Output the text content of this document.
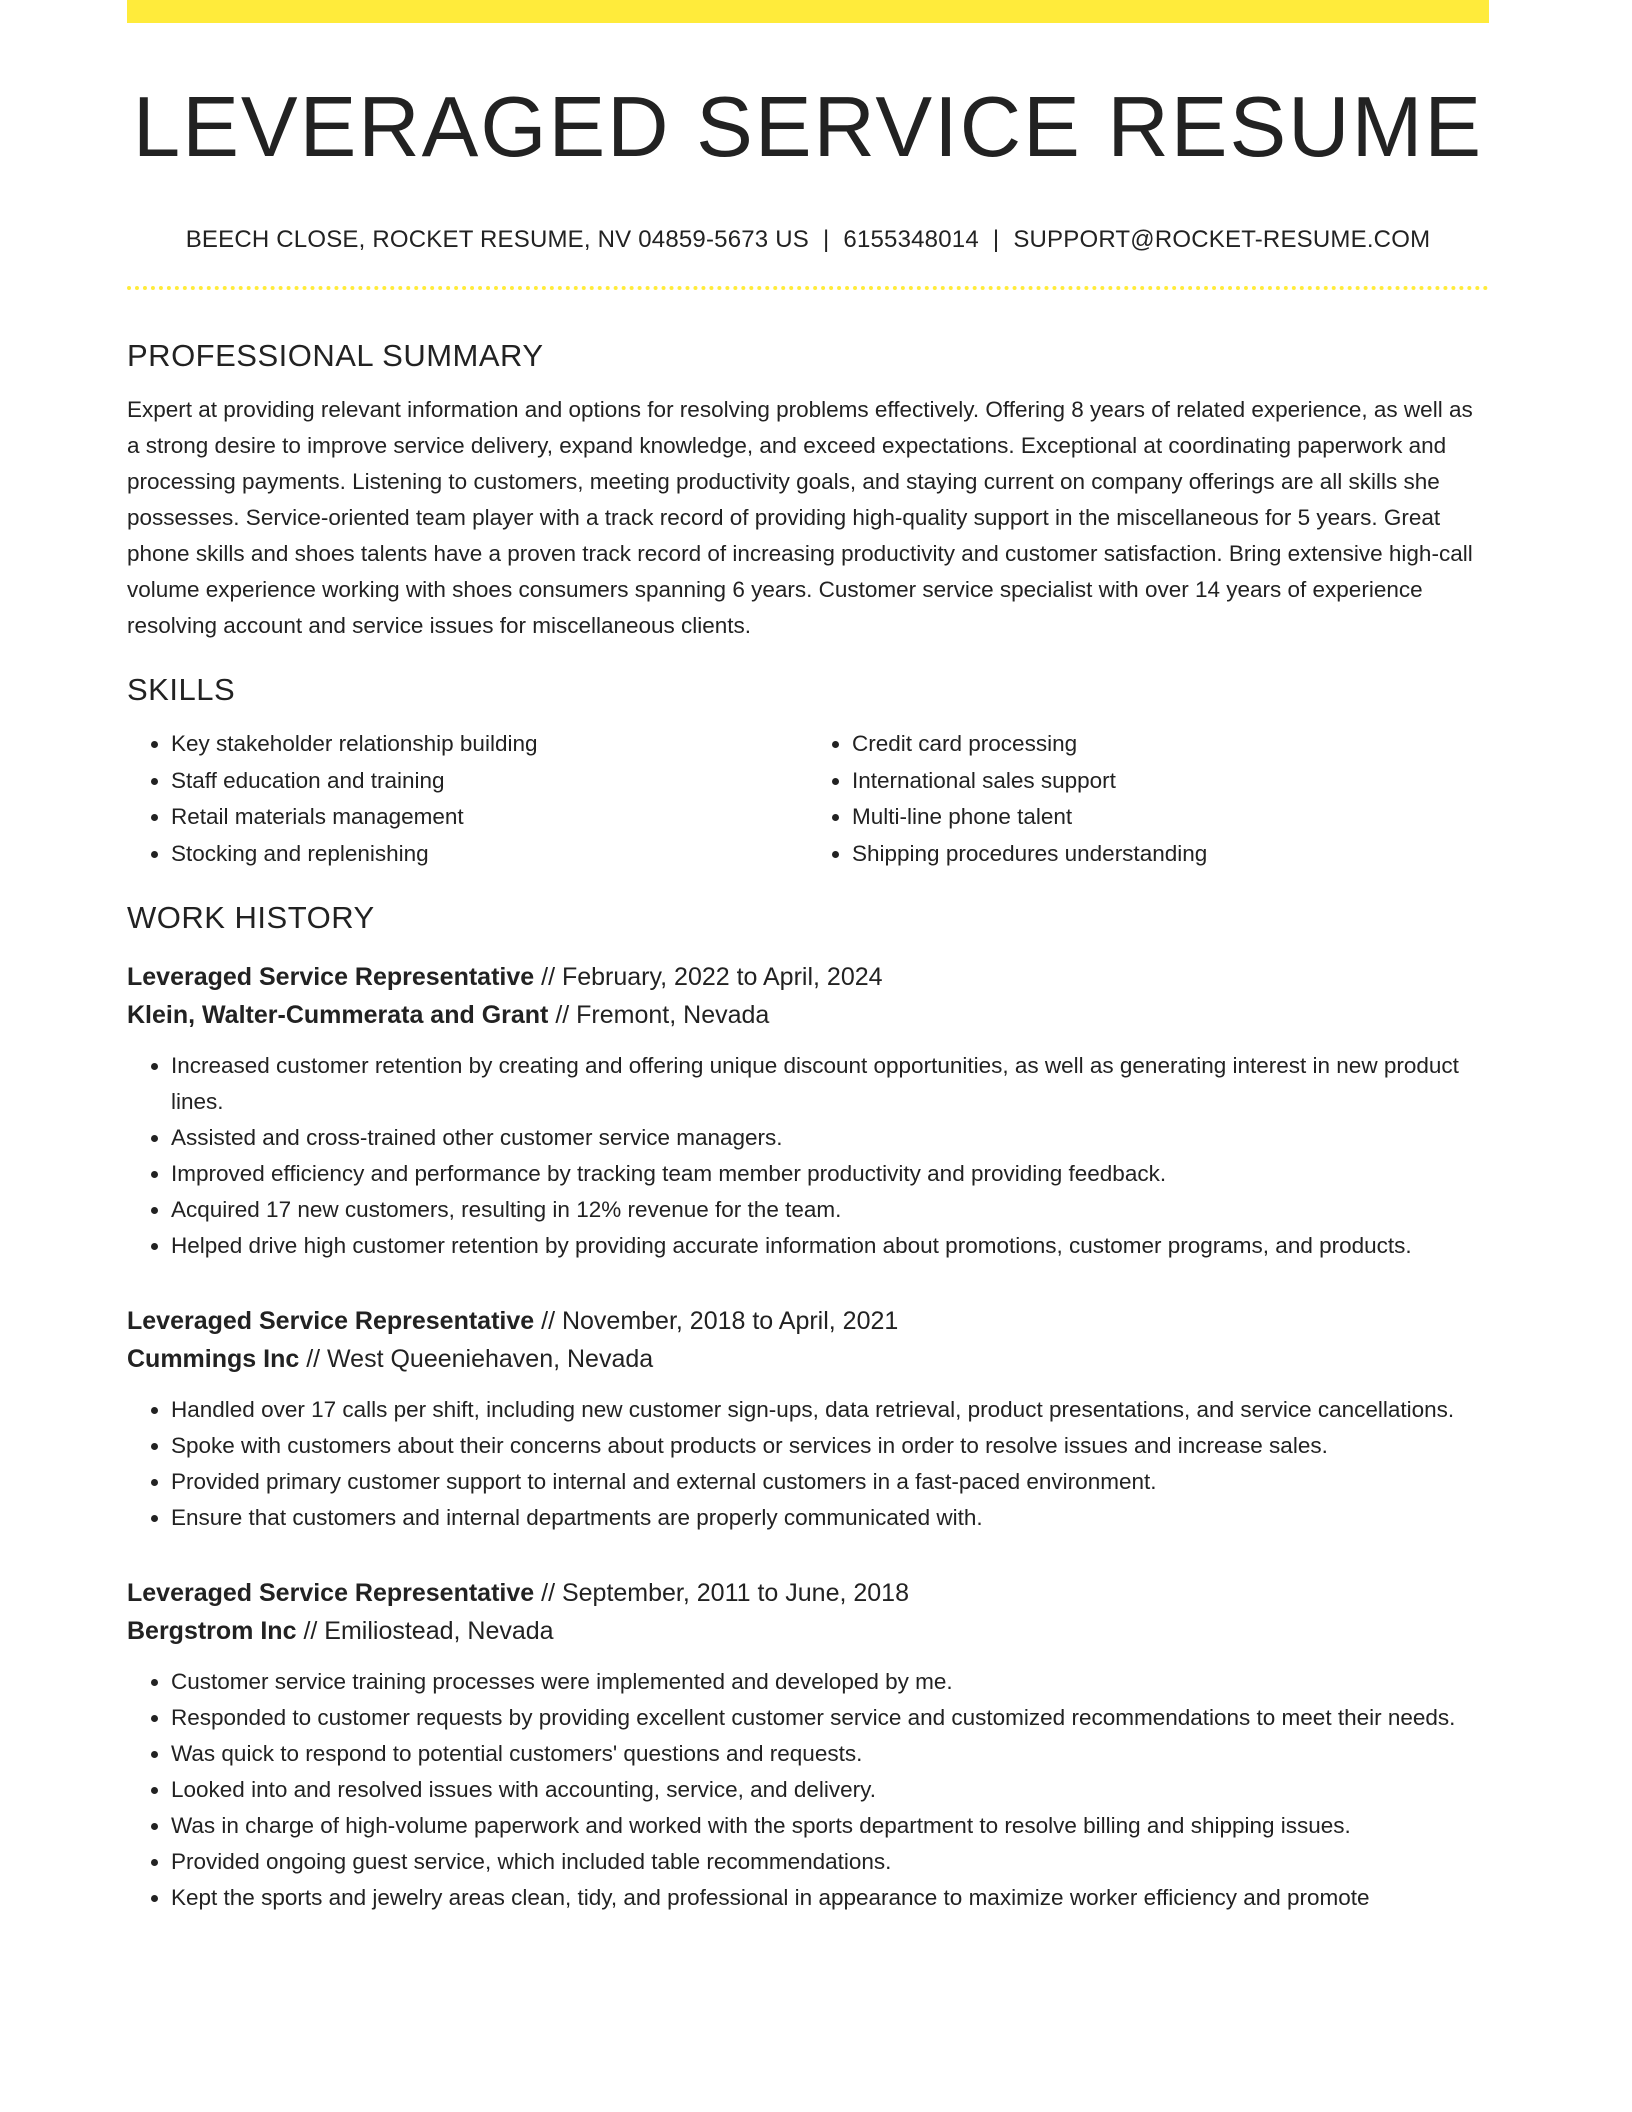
LEVERAGED SERVICE RESUME
BEECH CLOSE, ROCKET RESUME, NV 04859-5673 US | 6155348014 | SUPPORT@ROCKET-RESUME.COM
PROFESSIONAL SUMMARY

Expert at providing relevant information and options for resolving problems effectively. Offering 8 years of related experience, as well as a strong desire to improve service delivery, expand knowledge, and exceed expectations. Exceptional at coordinating paperwork and processing payments. Listening to customers, meeting productivity goals, and staying current on company offerings are all skills she possesses. Service-oriented team player with a track record of providing high-quality support in the miscellaneous for 5 years. Great phone skills and shoes talents have a proven track record of increasing productivity and customer satisfaction. Bring extensive high-call volume experience working with shoes consumers spanning 6 years. Customer service specialist with over 14 years of experience resolving account and service issues for miscellaneous clients.

SKILLS
• Key stakeholder relationship building
• Staff education and training
• Retail materials management
• Stocking and replenishing
• Credit card processing
• International sales support
• Multi-line phone talent
• Shipping procedures understanding
WORK HISTORY
Leveraged Service Representative // February, 2022 to April, 2024
Klein, Walter-Cummerata and Grant // Fremont, Nevada
• Increased customer retention by creating and offering unique discount opportunities, as well as generating interest in new product lines.
• Assisted and cross-trained other customer service managers.
• Improved efficiency and performance by tracking team member productivity and providing feedback.
• Acquired 17 new customers, resulting in 12% revenue for the team.
• Helped drive high customer retention by providing accurate information about promotions, customer programs, and products.
Leveraged Service Representative // November, 2018 to April, 2021
Cummings Inc // West Queeniehaven, Nevada
• Handled over 17 calls per shift, including new customer sign-ups, data retrieval, product presentations, and service cancellations.
• Spoke with customers about their concerns about products or services in order to resolve issues and increase sales.
• Provided primary customer support to internal and external customers in a fast-paced environment.
• Ensure that customers and internal departments are properly communicated with.
Leveraged Service Representative // September, 2011 to June, 2018
Bergstrom Inc // Emiliostead, Nevada
• Customer service training processes were implemented and developed by me.
• Responded to customer requests by providing excellent customer service and customized recommendations to meet their needs.
• Was quick to respond to potential customers' questions and requests.
• Looked into and resolved issues with accounting, service, and delivery.
• Was in charge of high-volume paperwork and worked with the sports department to resolve billing and shipping issues.
• Provided ongoing guest service, which included table recommendations.
• Kept the sports and jewelry areas clean, tidy, and professional in appearance to maximize worker efficiency and promote
